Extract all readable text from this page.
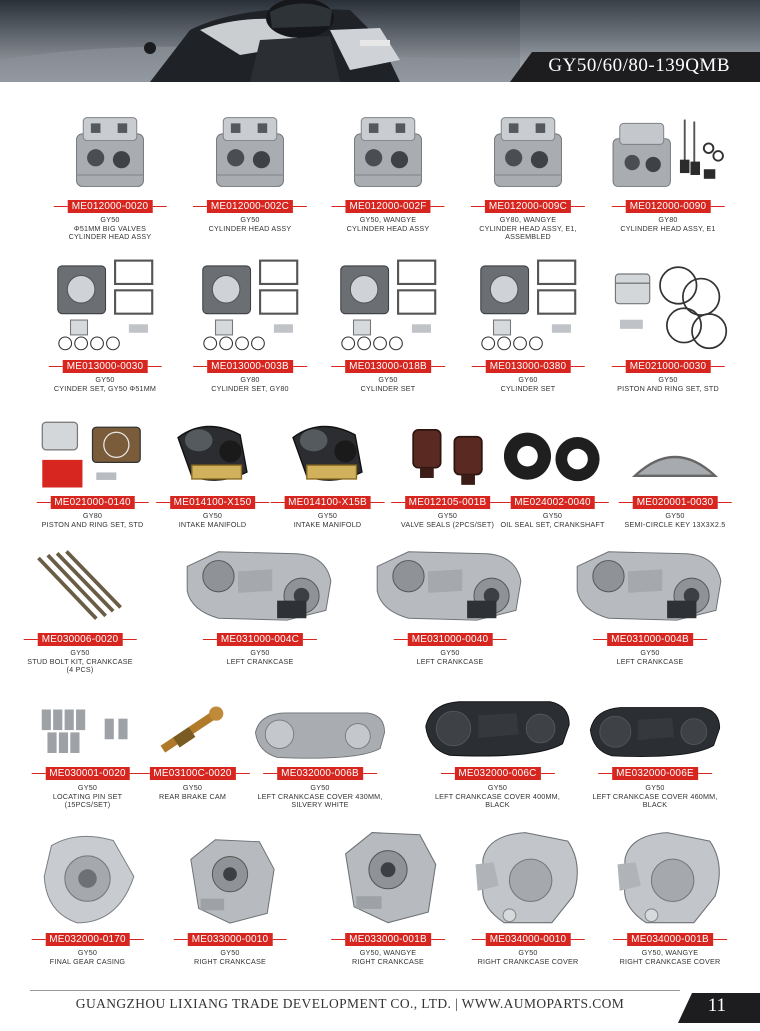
GY50/60/80-139QMB
ME012000-0020
GY50
Φ51MM BIG VALVES
CYLINDER HEAD ASSY
ME012000-002C
GY50
CYLINDER HEAD ASSY
ME012000-002F
GY50, WANGYE
CYLINDER HEAD ASSY
ME012000-009C
GY80, WANGYE
CYLINDER HEAD ASSY, E1,
ASSEMBLED
ME012000-0090
GY80
CYLINDER HEAD ASSY, E1
ME013000-0030
GY50
CYINDER SET, GY50 Φ51MM
ME013000-003B
GY80
CYLINDER SET, GY80
ME013000-018B
GY50
CYLINDER SET
ME013000-0380
GY60
CYLINDER SET
ME021000-0030
GY50
PISTON AND RING SET, STD
ME021000-0140
GY80
PISTON AND RING SET, STD
ME014100-X150
GY50
INTAKE MANIFOLD
ME014100-X15B
GY50
INTAKE MANIFOLD
ME012105-001B
GY50
VALVE SEALS (2PCS/SET)
ME024002-0040
GY50
OIL SEAL SET, CRANKSHAFT
ME020001-0030
GY50
SEMI-CIRCLE KEY 13X3X2.5
ME030006-0020
GY50
STUD BOLT KIT, CRANKCASE
(4 PCS)
ME031000-004C
GY50
LEFT CRANKCASE
ME031000-0040
GY50
LEFT CRANKCASE
ME031000-004B
GY50
LEFT CRANKCASE
ME030001-0020
GY50
LOCATING PIN SET
(15PCS/SET)
ME03100C-0020
GY50
REAR BRAKE CAM
ME032000-006B
GY50
LEFT CRANKCASE COVER 430MM,
SILVERY WHITE
ME032000-006C
GY50
LEFT CRANKCASE COVER 400MM,
BLACK
ME032000-006E
GY50
LEFT CRANKCASE COVER 460MM,
BLACK
ME032000-0170
GY50
FINAL GEAR CASING
ME033000-0010
GY50
RIGHT CRANKCASE
ME033000-001B
GY50, WANGYE
RIGHT CRANKCASE
ME034000-0010
GY50
RIGHT CRANKCASE COVER
ME034000-001B
GY50, WANGYE
RIGHT CRANKCASE COVER
GUANGZHOU LIXIANG TRADE DEVELOPMENT CO., LTD. | WWW.AUMOPARTS.COM	11
